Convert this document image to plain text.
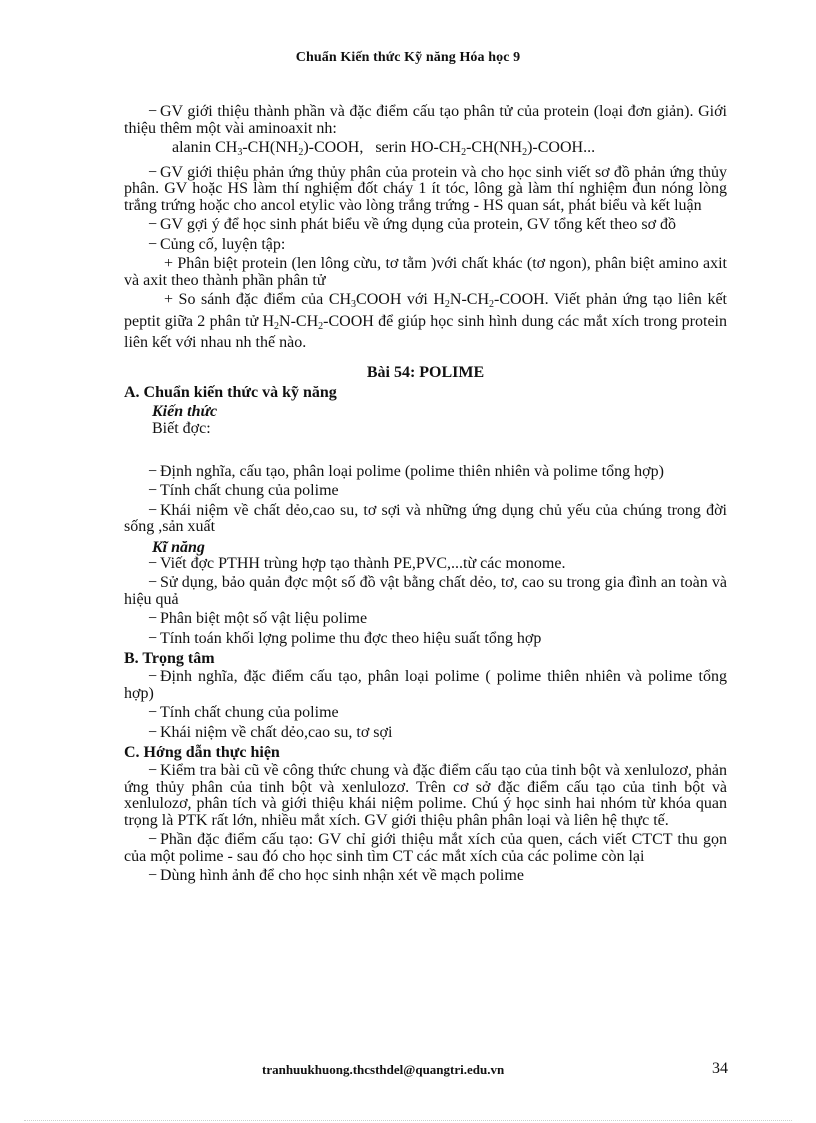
Chuẩn Kiến thức Kỹ năng Hóa học 9

− GV giới thiệu thành phần và đặc điểm cấu tạo phân tử của protein (loại đơn giản). Giới thiệu thêm một vài aminoaxit nh:

alanin $CH_3-CH(NH_2)$-COOH, serin $HO-CH_2-CH(NH_2)$-COOH...

− GV giới thiệu phản ứng thủy phân của protein và cho học sinh viết sơ đồ phản ứng thủy phân. GV hoặc HS làm thí nghiệm đốt cháy 1 ít tóc, lông gà làm thí nghiệm đun nóng lòng trắng trứng hoặc cho ancol etylic vào lòng trắng trứng - HS quan sát, phát biểu và kết luận

− GV gợi ý để học sinh phát biểu về ứng dụng của protein, GV tổng kết theo sơ đồ

− Củng cố, luyện tập:

+ Phân biệt protein (len lông cừu, tơ tằm )với chất khác (tơ ngon), phân biệt amino axit và axit theo thành phần phân tử

+ So sánh đặc điểm của $CH_3COOH$ với $H_2N-CH_2$-COOH. Viết phản ứng tạo liên kết peptit giữa 2 phân tử $H_2N-CH_2$-COOH để giúp học sinh hình dung các mắt xích trong protein liên kết với nhau nh thế nào.

Bài 54: POLIME
A. Chuẩn kiến thức và kỹ năng
Kiến thức
Biết đợc:

− Định nghĩa, cấu tạo, phân loại polime (polime thiên nhiên và polime tổng hợp)

− Tính chất chung của polime

− Khái niệm về chất dẻo,cao su, tơ sợi và những ứng dụng chủ yếu của chúng trong đời sống ,sản xuất

Kĩ năng

− Viết đợc PTHH trùng hợp tạo thành PE,PVC,...từ các monome.

− Sử dụng, bảo quản đợc một số đồ vật bằng chất dẻo, tơ, cao su trong gia đình an toàn và hiệu quả

− Phân biệt một số vật liệu polime

− Tính toán khối lợng polime thu đợc theo hiệu suất tổng hợp

B. Trọng tâm

− Định nghĩa, đặc điểm cấu tạo, phân loại polime ( polime thiên nhiên và polime tổng hợp)

− Tính chất chung của polime

− Khái niệm về chất dẻo,cao su, tơ sợi

C. Hớng dẫn thực hiện

− Kiểm tra bài cũ về công thức chung và đặc điểm cấu tạo của tinh bột và xenlulozơ, phản ứng thủy phân của tinh bột và xenlulozơ. Trên cơ sở đặc điểm cấu tạo của tinh bột và xenlulozơ, phân tích và giới thiệu khái niệm polime. Chú ý học sinh hai nhóm từ khóa quan trọng là PTK rất lớn, nhiều mắt xích. GV giới thiệu phân phân loại và liên hệ thực tế.

− Phần đặc điểm cấu tạo: GV chỉ giới thiệu mắt xích của quen, cách viết CTCT thu gọn của một polime - sau đó cho học sinh tìm CT các mắt xích của các polime còn lại

− Dùng hình ảnh để cho học sinh nhận xét về mạch polime

tranhuukhuong.thcsthdel@quangtri.edu.vn	34
